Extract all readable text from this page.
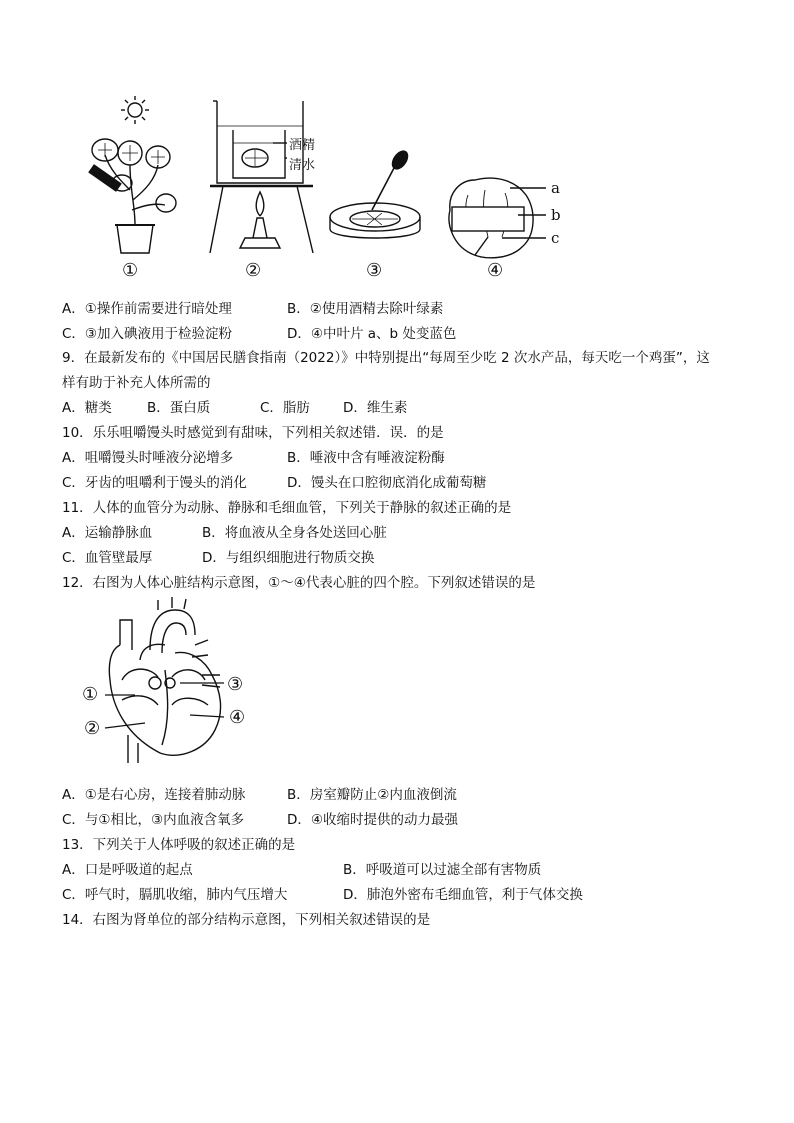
①
酒精
清水
②	③
a
b
c
④
A．①操作前需要进行暗处理	B．②使用酒精去除叶绿素
C．③加入碘液用于检验淀粉	D．④中叶片 a、b 处变蓝色
9．在最新发布的《中国居民膳食指南（2022）》中特别提出“每周至少吃 2 次水产品，每天吃一个鸡蛋”，这
样有助于补充人体所需的
A．糖类	B．蛋白质	C．脂肪 D．维生素
10．乐乐咀嚼馒头时感觉到有甜味，下列相关叙述错．误．的是
A．咀嚼馒头时唾液分泌增多	B．唾液中含有唾液淀粉酶
C．牙齿的咀嚼利于馒头的消化	D．馒头在口腔彻底消化成葡萄糖
11．人体的血管分为动脉、静脉和毛细血管，下列关于静脉的叙述正确的是
A．运输静脉血	B．将血液从全身各处送回心脏
C．血管壁最厚	D．与组织细胞进行物质交换
12．右图为人体心脏结构示意图，①～④代表心脏的四个腔。下列叙述错误的是
①
②
③
④
A．①是右心房，连接着肺动脉	B．房室瓣防止②内血液倒流
C．与①相比，③内血液含氧多	D．④收缩时提供的动力最强
13．下列关于人体呼吸的叙述正确的是
A．口是呼吸道的起点	B．呼吸道可以过滤全部有害物质
C．呼气时，膈肌收缩，肺内气压增大	D．肺泡外密布毛细血管，利于气体交换
14．右图为肾单位的部分结构示意图，下列相关叙述错误的是
